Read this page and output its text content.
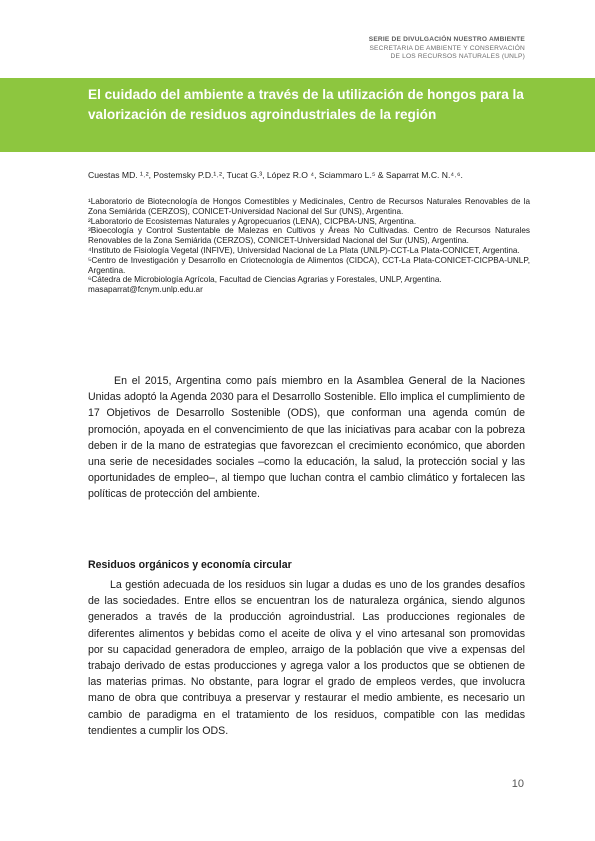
SERIE DE DIVULGACIÓN NUESTRO AMBIENTE
SECRETARIA DE AMBIENTE Y CONSERVACIÓN
DE LOS RECURSOS NATURALES (UNLP)
El cuidado del ambiente a través de la utilización de hongos para la valorización de residuos agroindustriales de la región
Cuestas MD. ¹˒², Postemsky P.D.¹˒², Tucat G.³, López R.O ⁴, Sciammaro L.⁵ & Saparrat M.C. N.⁴˒⁶.
¹Laboratorio de Biotecnología de Hongos Comestibles y Medicinales, Centro de Recursos Naturales Renovables de la Zona Semiárida (CERZOS), CONICET-Universidad Nacional del Sur (UNS), Argentina.
²Laboratorio de Ecosistemas Naturales y Agropecuarios (LENA), CICPBA-UNS, Argentina.
³Bioecología y Control Sustentable de Malezas en Cultivos y Áreas No Cultivadas. Centro de Recursos Naturales Renovables de la Zona Semiárida (CERZOS), CONICET-Universidad Nacional del Sur (UNS), Argentina.
⁴Instituto de Fisiología Vegetal (INFIVE), Universidad Nacional de La Plata (UNLP)-CCT-La Plata-CONICET, Argentina.
⁵Centro de Investigación y Desarrollo en Criotecnología de Alimentos (CIDCA), CCT-La Plata-CONICET-CICPBA-UNLP, Argentina.
⁶Cátedra de Microbiología Agrícola, Facultad de Ciencias Agrarias y Forestales, UNLP, Argentina.
masaparrat@fcnym.unlp.edu.ar

En el 2015, Argentina como país miembro en la Asamblea General de la Naciones Unidas adoptó la Agenda 2030 para el Desarrollo Sostenible. Ello implica el cumplimiento de 17 Objetivos de Desarrollo Sostenible (ODS), que conforman una agenda común de promoción, apoyada en el convencimiento de que las iniciativas para acabar con la pobreza deben ir de la mano de estrategias que favorezcan el crecimiento económico, que aborden una serie de necesidades sociales –como la educación, la salud, la protección social y las oportunidades de empleo–, al tiempo que luchan contra el cambio climático y fortalecen las políticas de protección del ambiente.

Residuos orgánicos y economía circular

La gestión adecuada de los residuos sin lugar a dudas es uno de los grandes desafíos de las sociedades. Entre ellos se encuentran los de naturaleza orgánica, siendo algunos generados a través de la producción agroindustrial. Las producciones regionales de diferentes alimentos y bebidas como el aceite de oliva y el vino artesanal son promovidas por su capacidad generadora de empleo, arraigo de la población que vive a expensas del trabajo derivado de estas producciones y agrega valor a los productos que se obtienen de las materias primas. No obstante, para lograr el grado de empleos verdes, que involucra mano de obra que contribuya a preservar y restaurar el medio ambiente, es necesario un cambio de paradigma en el tratamiento de los residuos, compatible con las medidas tendientes a cumplir los ODS.

10
